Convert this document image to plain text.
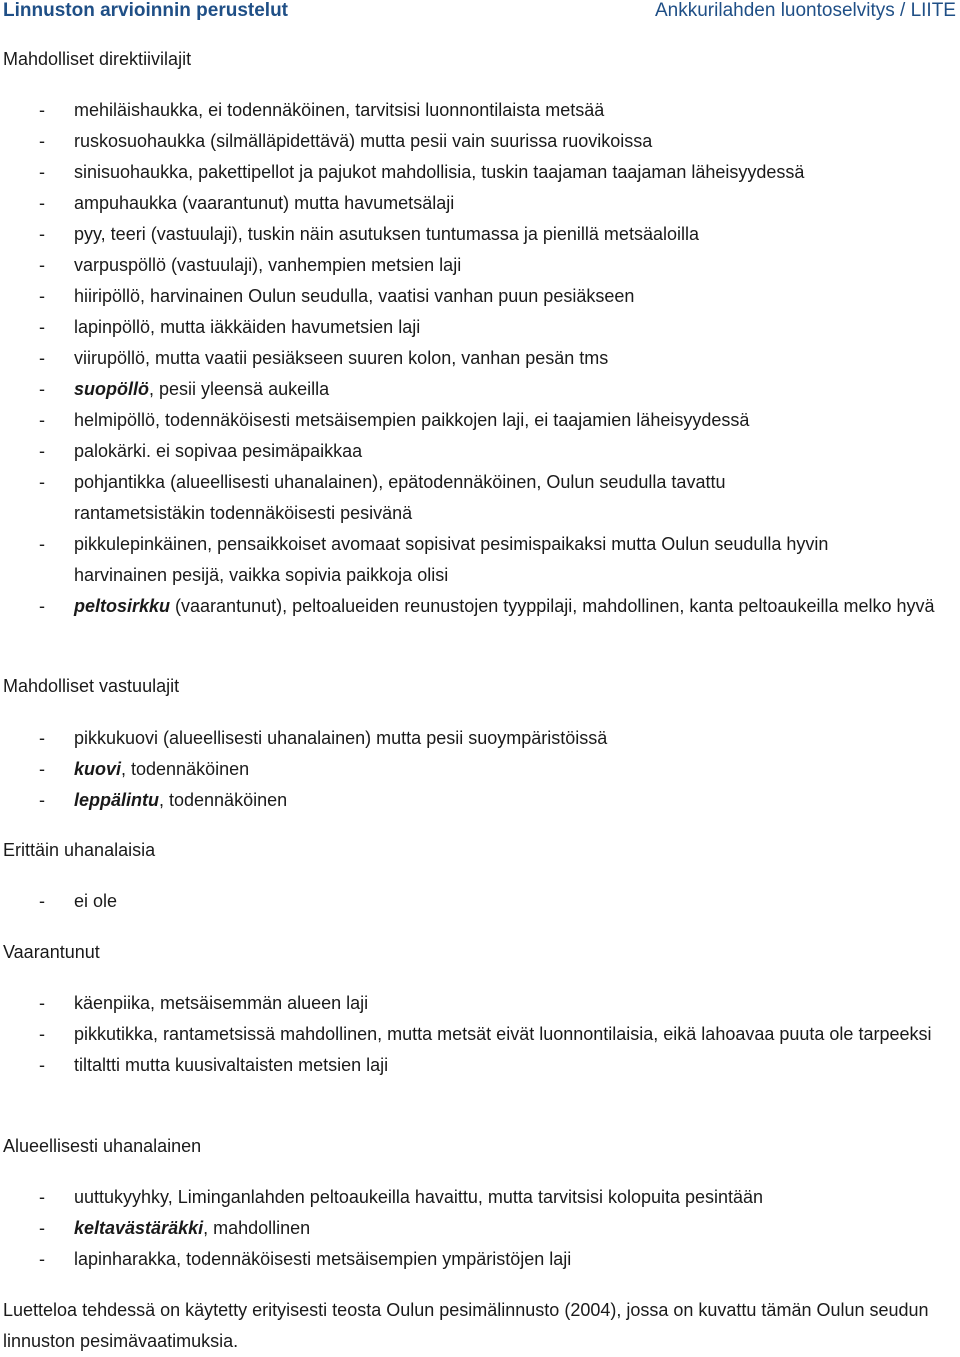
Linnuston arvioinnin perustelut	Ankkurilahden luontoselvitys / LIITE
Mahdolliset direktiivilajit
- mehiläishaukka, ei todennäköinen, tarvitsisi luonnontilaista metsää
- ruskosuohaukka (silmälläpidettävä) mutta pesii vain suurissa ruovikoissa
- sinisuohaukka, pakettipellot ja pajukot mahdollisia, tuskin taajaman taajaman läheisyydessä
- ampuhaukka (vaarantunut) mutta havumetsälaji
- pyy, teeri (vastuulaji), tuskin näin asutuksen tuntumassa ja pienillä metsäaloilla
- varpuspöllö (vastuulaji), vanhempien metsien laji
- hiiripöllö, harvinainen Oulun seudulla, vaatisi vanhan puun pesiäkseen
- lapinpöllö, mutta iäkkäiden havumetsien laji
- viirupöllö, mutta vaatii pesiäkseen suuren kolon, vanhan pesän tms
- suopöllö, pesii yleensä aukeilla
- helmipöllö, todennäköisesti metsäisempien paikkojen laji, ei taajamien läheisyydessä
- palokärki. ei sopivaa pesimäpaikkaa
- pohjantikka (alueellisesti uhanalainen), epätodennäköinen, Oulun seudulla tavattu rantametsistäkin todennäköisesti pesivänä
- pikkulepinkäinen, pensaikkoiset avomaat sopisivat pesimispaikaksi mutta Oulun seudulla hyvin harvinainen pesijä, vaikka sopivia paikkoja olisi
- peltosirkku (vaarantunut), peltoalueiden reunustojen tyyppilaji, mahdollinen, kanta peltoaukeilla melko hyvä
Mahdolliset vastuulajit
- pikkukuovi (alueellisesti uhanalainen) mutta pesii suoympäristöissä
- kuovi, todennäköinen
- leppälintu, todennäköinen
Erittäin uhanalaisia
- ei ole
Vaarantunut
- käenpiika, metsäisemmän alueen laji
- pikkutikka, rantametsissä mahdollinen, mutta metsät eivät luonnontilaisia, eikä lahoavaa puuta ole tarpeeksi
- tiltaltti mutta kuusivaltaisten metsien laji
Alueellisesti uhanalainen
- uuttukyyhky, Liminganlahden peltoaukeilla havaittu, mutta tarvitsisi kolopuita pesintään
- keltavästäräkki, mahdollinen
- lapinharakka, todennäköisesti metsäisempien ympäristöjen laji
Luetteloa tehdessä on käytetty erityisesti teosta Oulun pesimälinnusto (2004), jossa on kuvattu tämän Oulun seudun linnuston pesimävaatimuksia.
